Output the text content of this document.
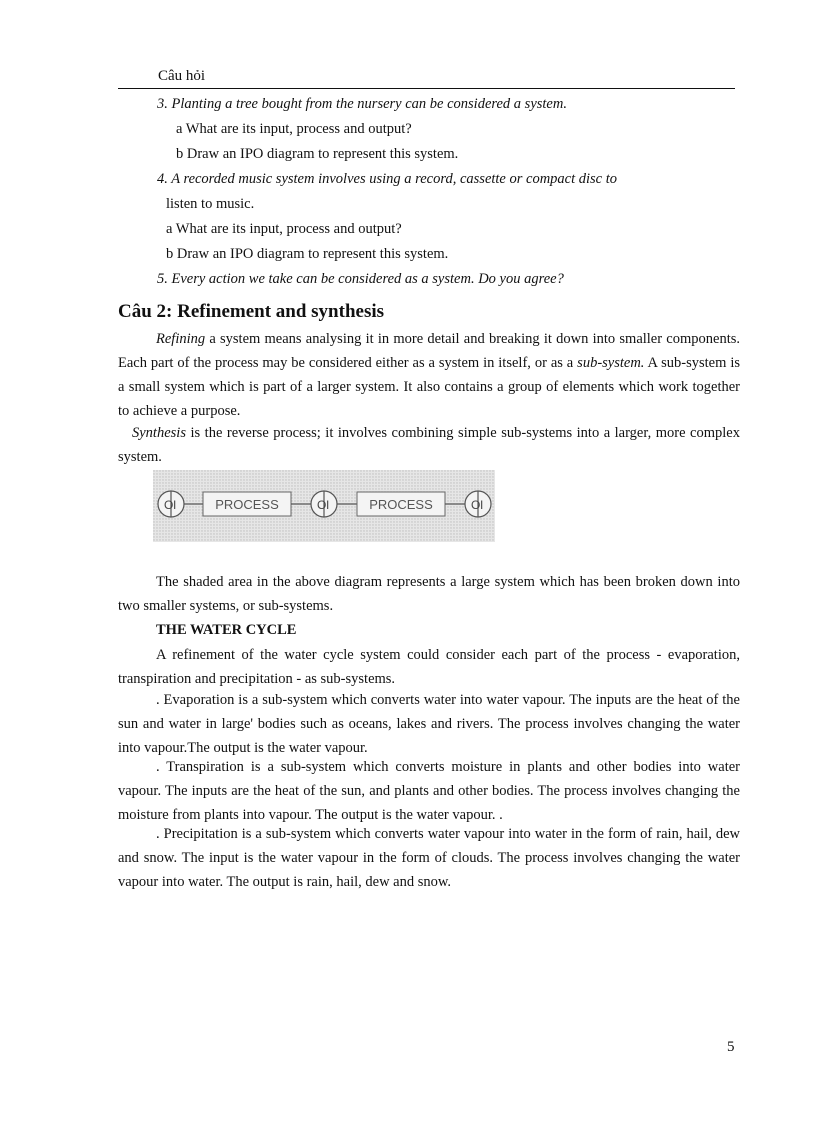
Câu hỏi
3. Planting a tree bought from the nursery can be considered a system.
a What are its input, process and output?
b Draw an IPO diagram to represent this system.
4. A recorded music system involves using a record, cassette or compact disc to
listen to music.
a What are its input, process and output?
b Draw an IPO diagram to represent this system.
5. Every action we take can be considered as a system. Do you agree?
Câu 2: Refinement and synthesis

Refining a system means analysing it in more detail and breaking it down into smaller components. Each part of the process may be considered either as a system in itself, or as a sub-system. A sub-system is a small system which is part of a larger system. It also contains a group of elements which work together to achieve a purpose.

Synthesis is the reverse process; it involves combining simple sub-systems into a larger, more complex system.

O I	PROCESS	O I	PROCESS	O I

The shaded area in the above diagram represents a large system which has been broken down into two smaller systems, or sub-systems.

THE WATER CYCLE

A refinement of the water cycle system could consider each part of the process - evaporation, transpiration and precipitation - as sub-systems.

. Evaporation is a sub-system which converts water into water vapour. The inputs are the heat of the sun and water in large' bodies such as oceans, lakes and rivers. The process involves changing the water into vapour.The output is the water vapour.

. Transpiration is a sub-system which converts moisture in plants and other bodies into water vapour. The inputs are the heat of the sun, and plants and other bodies. The process involves changing the moisture from plants into vapour. The output is the water vapour. .

. Precipitation is a sub-system which converts water vapour into water in the form of rain, hail, dew and snow. The input is the water vapour in the form of clouds. The process involves changing the water vapour into water. The output is rain, hail, dew and snow.

5
